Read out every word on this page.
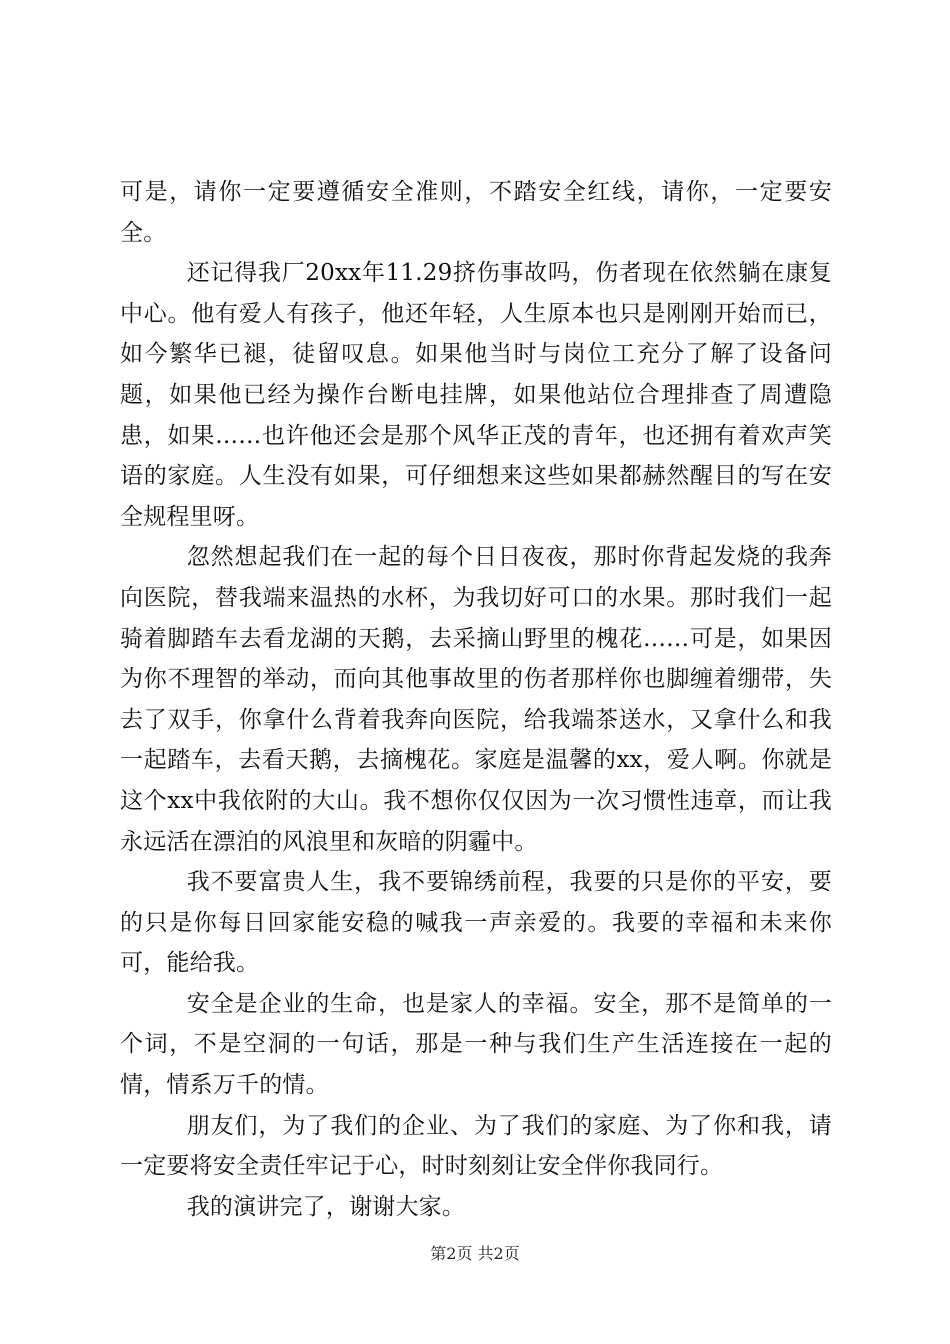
可是，请你一定要遵循安全准则，不踏安全红线，请你，一定要安全。

还记得我厂20xx年11.29挤伤事故吗，伤者现在依然躺在康复中心。他有爱人有孩子，他还年轻，人生原本也只是刚刚开始而已，如今繁华已褪，徒留叹息。如果他当时与岗位工充分了解了设备问题，如果他已经为操作台断电挂牌，如果他站位合理排查了周遭隐患，如果……也许他还会是那个风华正茂的青年，也还拥有着欢声笑语的家庭。人生没有如果，可仔细想来这些如果都赫然醒目的写在安全规程里呀。

忽然想起我们在一起的每个日日夜夜，那时你背起发烧的我奔向医院，替我端来温热的水杯，为我切好可口的水果。那时我们一起骑着脚踏车去看龙湖的天鹅，去采摘山野里的槐花……可是，如果因为你不理智的举动，而向其他事故里的伤者那样你也脚缠着绷带，失去了双手，你拿什么背着我奔向医院，给我端茶送水，又拿什么和我一起踏车，去看天鹅，去摘槐花。家庭是温馨的xx，爱人啊。你就是这个xx中我依附的大山。我不想你仅仅因为一次习惯性违章，而让我永远活在漂泊的风浪里和灰暗的阴霾中。

我不要富贵人生，我不要锦绣前程，我要的只是你的平安，要的只是你每日回家能安稳的喊我一声亲爱的。我要的幸福和未来你可，能给我。

安全是企业的生命，也是家人的幸福。安全，那不是简单的一个词，不是空洞的一句话，那是一种与我们生产生活连接在一起的情，情系万千的情。

朋友们，为了我们的企业、为了我们的家庭、为了你和我，请一定要将安全责任牢记于心，时时刻刻让安全伴你我同行。

我的演讲完了，谢谢大家。

第2页 共2页
